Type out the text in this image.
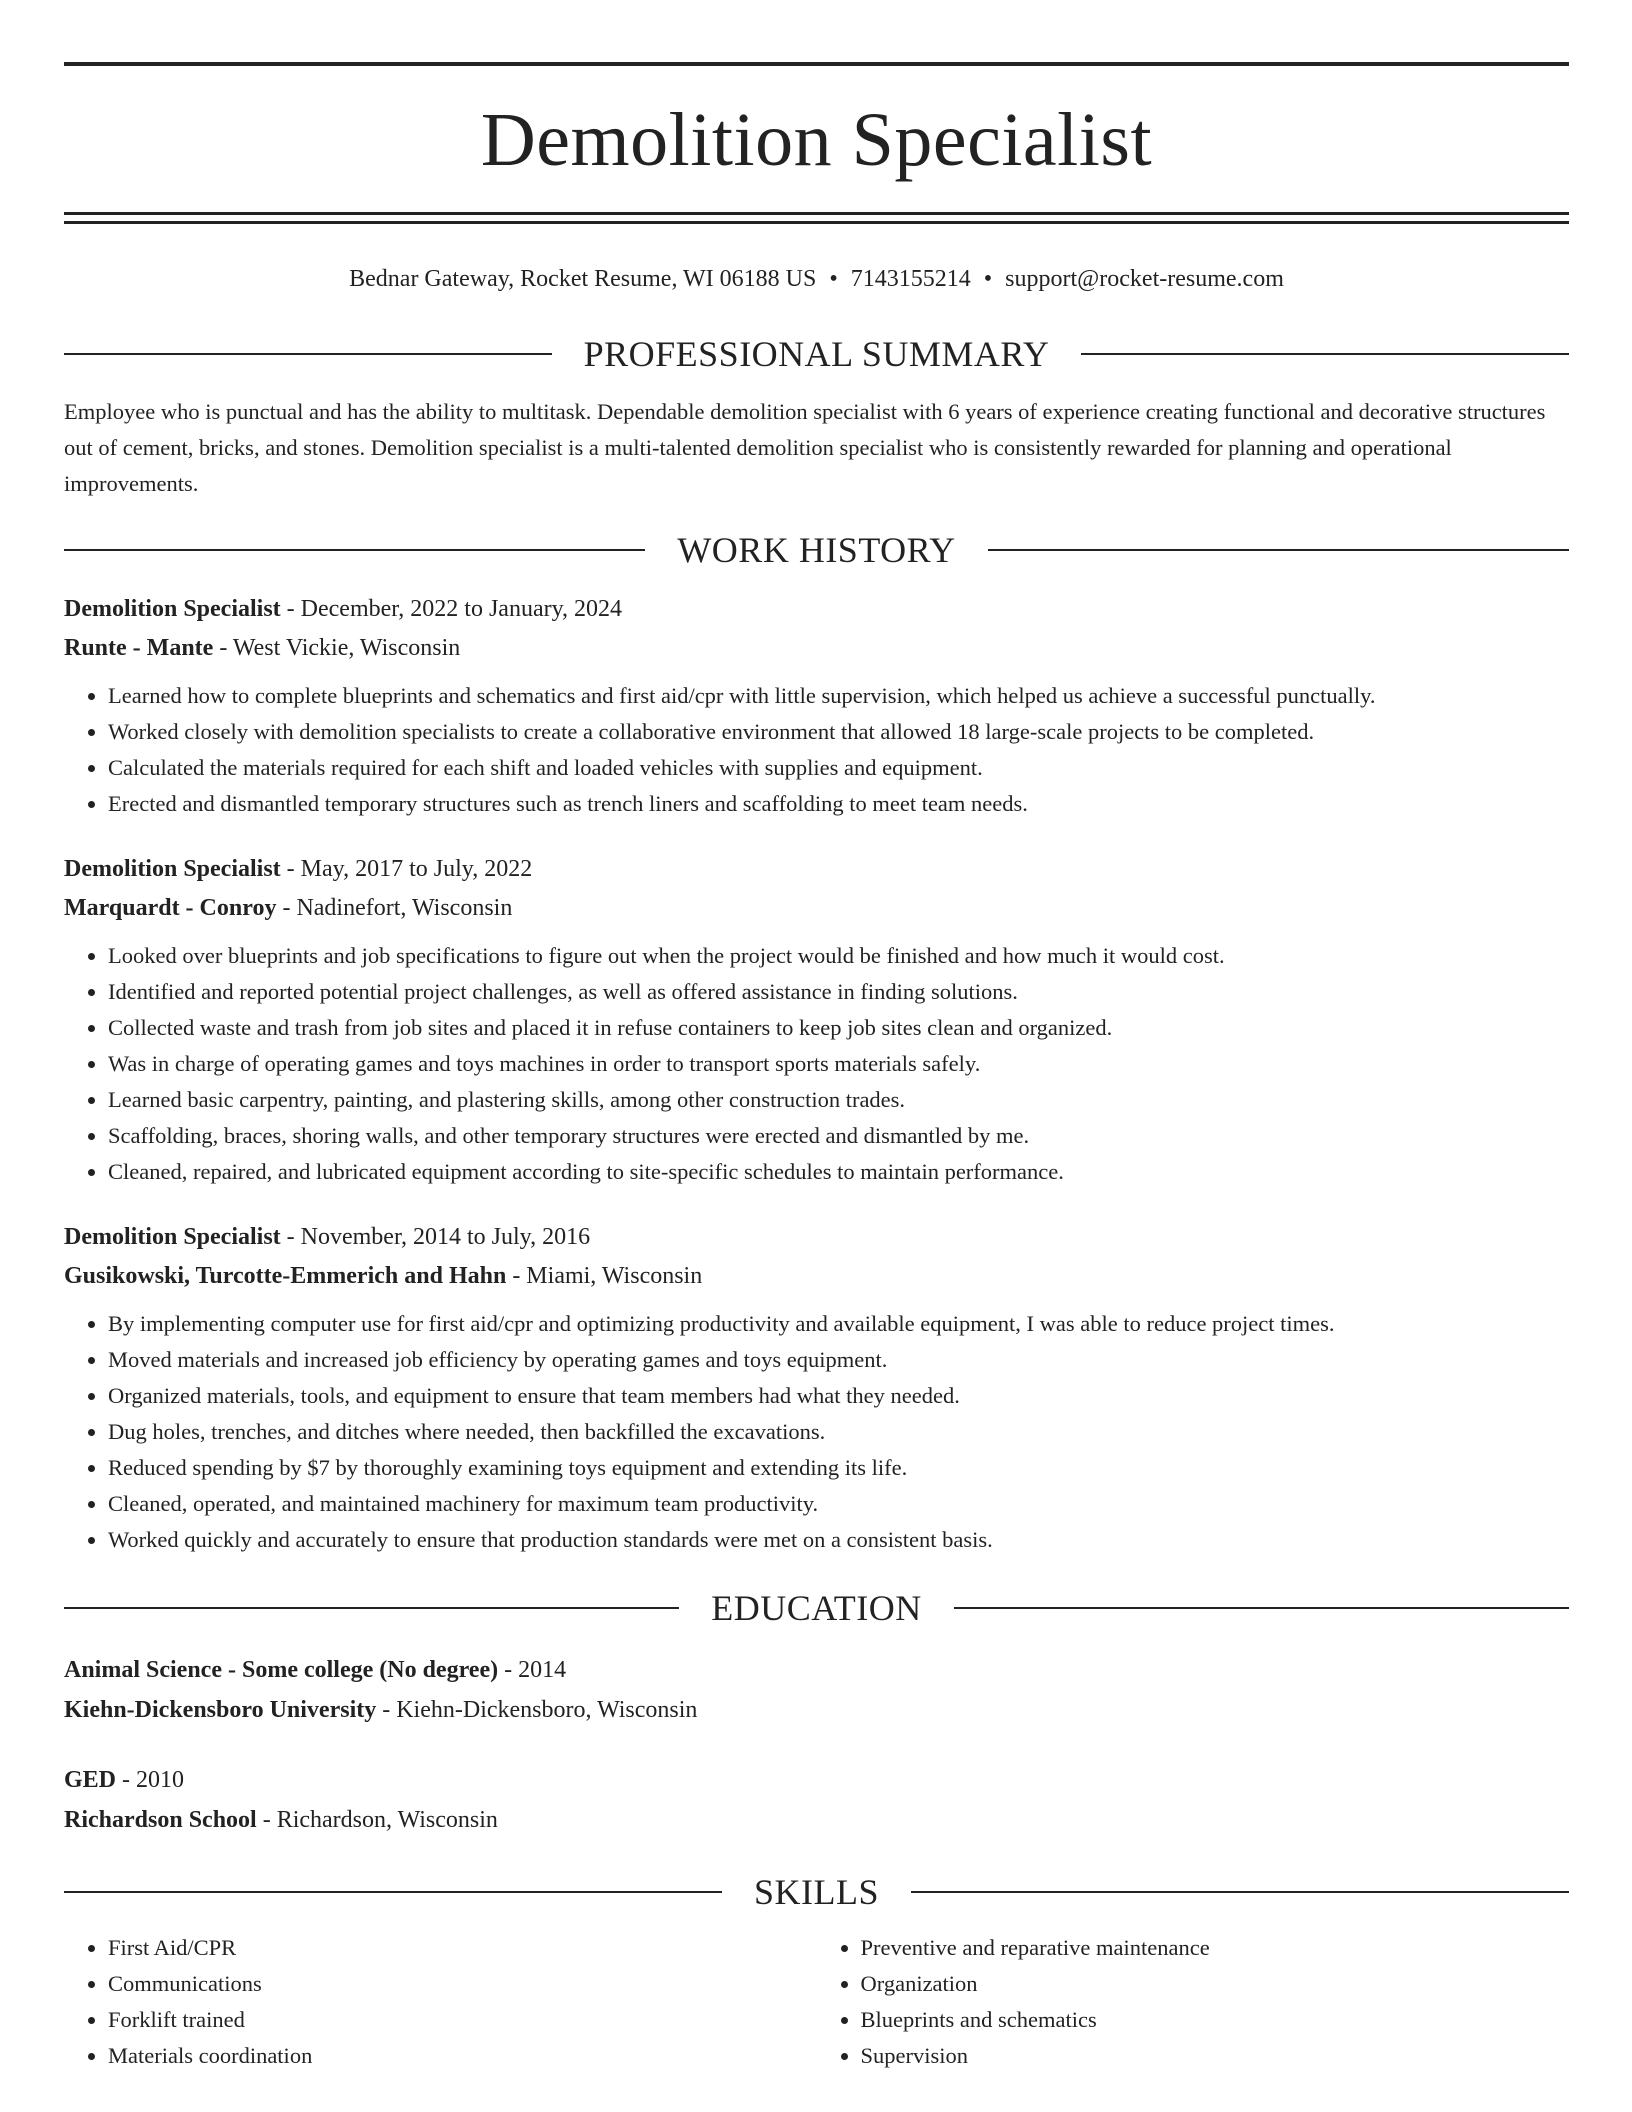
Demolition Specialist
Bednar Gateway, Rocket Resume, WI 06188 US • 7143155214 • support@rocket-resume.com
PROFESSIONAL SUMMARY

Employee who is punctual and has the ability to multitask. Dependable demolition specialist with 6 years of experience creating functional and decorative structures out of cement, bricks, and stones. Demolition specialist is a multi-talented demolition specialist who is consistently rewarded for planning and operational improvements.

WORK HISTORY
Demolition Specialist - December, 2022 to January, 2024
Runte - Mante - West Vickie, Wisconsin
• Learned how to complete blueprints and schematics and first aid/cpr with little supervision, which helped us achieve a successful punctually.
• Worked closely with demolition specialists to create a collaborative environment that allowed 18 large-scale projects to be completed.
• Calculated the materials required for each shift and loaded vehicles with supplies and equipment.
• Erected and dismantled temporary structures such as trench liners and scaffolding to meet team needs.
Demolition Specialist - May, 2017 to July, 2022
Marquardt - Conroy - Nadinefort, Wisconsin
• Looked over blueprints and job specifications to figure out when the project would be finished and how much it would cost.
• Identified and reported potential project challenges, as well as offered assistance in finding solutions.
• Collected waste and trash from job sites and placed it in refuse containers to keep job sites clean and organized.
• Was in charge of operating games and toys machines in order to transport sports materials safely.
• Learned basic carpentry, painting, and plastering skills, among other construction trades.
• Scaffolding, braces, shoring walls, and other temporary structures were erected and dismantled by me.
• Cleaned, repaired, and lubricated equipment according to site-specific schedules to maintain performance.
Demolition Specialist - November, 2014 to July, 2016
Gusikowski, Turcotte-Emmerich and Hahn - Miami, Wisconsin
• By implementing computer use for first aid/cpr and optimizing productivity and available equipment, I was able to reduce project times.
• Moved materials and increased job efficiency by operating games and toys equipment.
• Organized materials, tools, and equipment to ensure that team members had what they needed.
• Dug holes, trenches, and ditches where needed, then backfilled the excavations.
• Reduced spending by $7 by thoroughly examining toys equipment and extending its life.
• Cleaned, operated, and maintained machinery for maximum team productivity.
• Worked quickly and accurately to ensure that production standards were met on a consistent basis.
EDUCATION
Animal Science - Some college (No degree) - 2014
Kiehn-Dickensboro University - Kiehn-Dickensboro, Wisconsin
GED - 2010
Richardson School - Richardson, Wisconsin
SKILLS
• First Aid/CPR
• Communications
• Forklift trained
• Materials coordination
• Preventive and reparative maintenance
• Organization
• Blueprints and schematics
• Supervision
